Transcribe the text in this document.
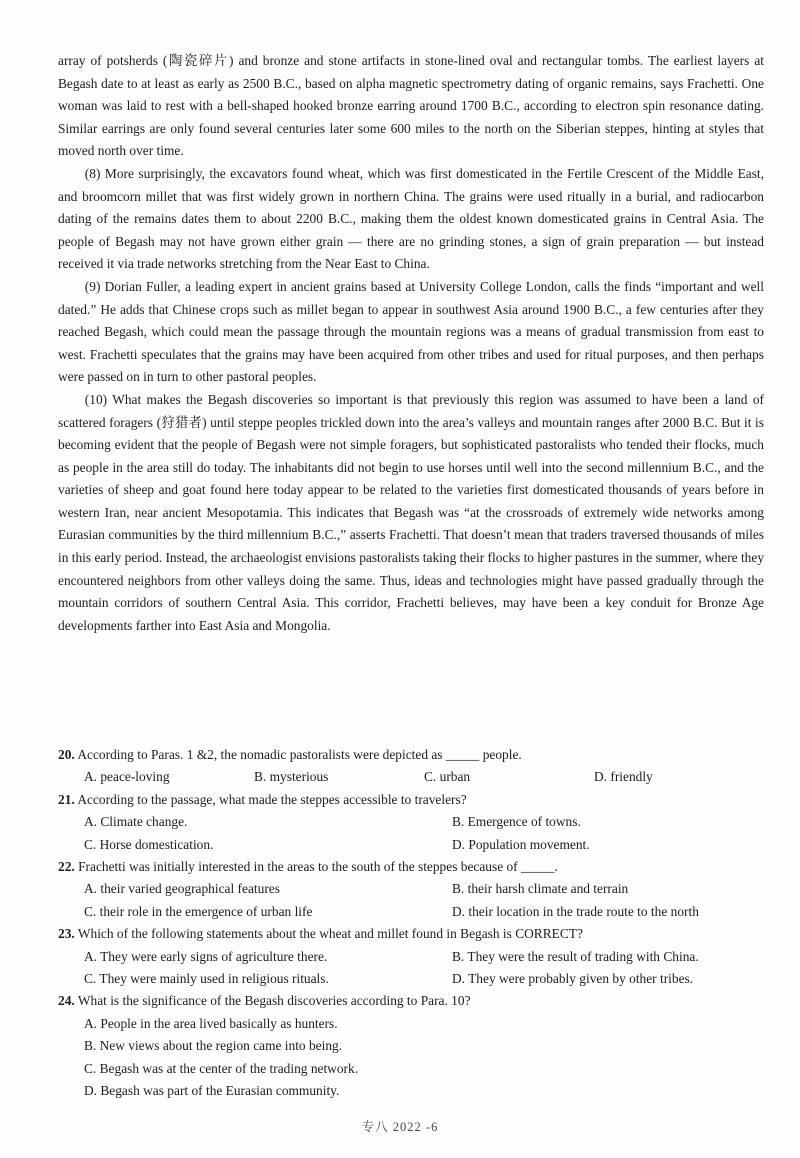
array of potsherds (陶瓷碎片) and bronze and stone artifacts in stone-lined oval and rectangular tombs. The earliest layers at Begash date to at least as early as 2500 B.C., based on alpha magnetic spectrometry dating of organic remains, says Frachetti. One woman was laid to rest with a bell-shaped hooked bronze earring around 1700 B.C., according to electron spin resonance dating. Similar earrings are only found several centuries later some 600 miles to the north on the Siberian steppes, hinting at styles that moved north over time.

(8) More surprisingly, the excavators found wheat, which was first domesticated in the Fertile Crescent of the Middle East, and broomcorn millet that was first widely grown in northern China. The grains were used ritually in a burial, and radiocarbon dating of the remains dates them to about 2200 B.C., making them the oldest known domesticated grains in Central Asia. The people of Begash may not have grown either grain — there are no grinding stones, a sign of grain preparation — but instead received it via trade networks stretching from the Near East to China.

(9) Dorian Fuller, a leading expert in ancient grains based at University College London, calls the finds “important and well dated.” He adds that Chinese crops such as millet began to appear in southwest Asia around 1900 B.C., a few centuries after they reached Begash, which could mean the passage through the mountain regions was a means of gradual transmission from east to west. Frachetti speculates that the grains may have been acquired from other tribes and used for ritual purposes, and then perhaps were passed on in turn to other pastoral peoples.

(10) What makes the Begash discoveries so important is that previously this region was assumed to have been a land of scattered foragers (狩猎者) until steppe peoples trickled down into the area’s valleys and mountain ranges after 2000 B.C. But it is becoming evident that the people of Begash were not simple foragers, but sophisticated pastoralists who tended their flocks, much as people in the area still do today. The inhabitants did not begin to use horses until well into the second millennium B.C., and the varieties of sheep and goat found here today appear to be related to the varieties first domesticated thousands of years before in western Iran, near ancient Mesopotamia. This indicates that Begash was “at the crossroads of extremely wide networks among Eurasian communities by the third millennium B.C.,” asserts Frachetti. That doesn’t mean that traders traversed thousands of miles in this early period. Instead, the archaeologist envisions pastoralists taking their flocks to higher pastures in the summer, where they encountered neighbors from other valleys doing the same. Thus, ideas and technologies might have passed gradually through the mountain corridors of southern Central Asia. This corridor, Frachetti believes, may have been a key conduit for Bronze Age developments farther into East Asia and Mongolia.

20. According to Paras. 1 &2, the nomadic pastoralists were depicted as _____ people.

A. peace-loving	B. mysterious	C. urban	D. friendly

21. According to the passage, what made the steppes accessible to travelers?

A. Climate change.	B. Emergence of towns.
C. Horse domestication.	D. Population movement.

22. Frachetti was initially interested in the areas to the south of the steppes because of _____.

A. their varied geographical features	B. their harsh climate and terrain
C. their role in the emergence of urban life	D. their location in the trade route to the north

23. Which of the following statements about the wheat and millet found in Begash is CORRECT?

A. They were early signs of agriculture there.	B. They were the result of trading with China.
C. They were mainly used in religious rituals.	D. They were probably given by other tribes.

24. What is the significance of the Begash discoveries according to Para. 10?

A. People in the area lived basically as hunters.
B. New views about the region came into being.
C. Begash was at the center of the trading network.
D. Begash was part of the Eurasian community.
专八 2022 -6
